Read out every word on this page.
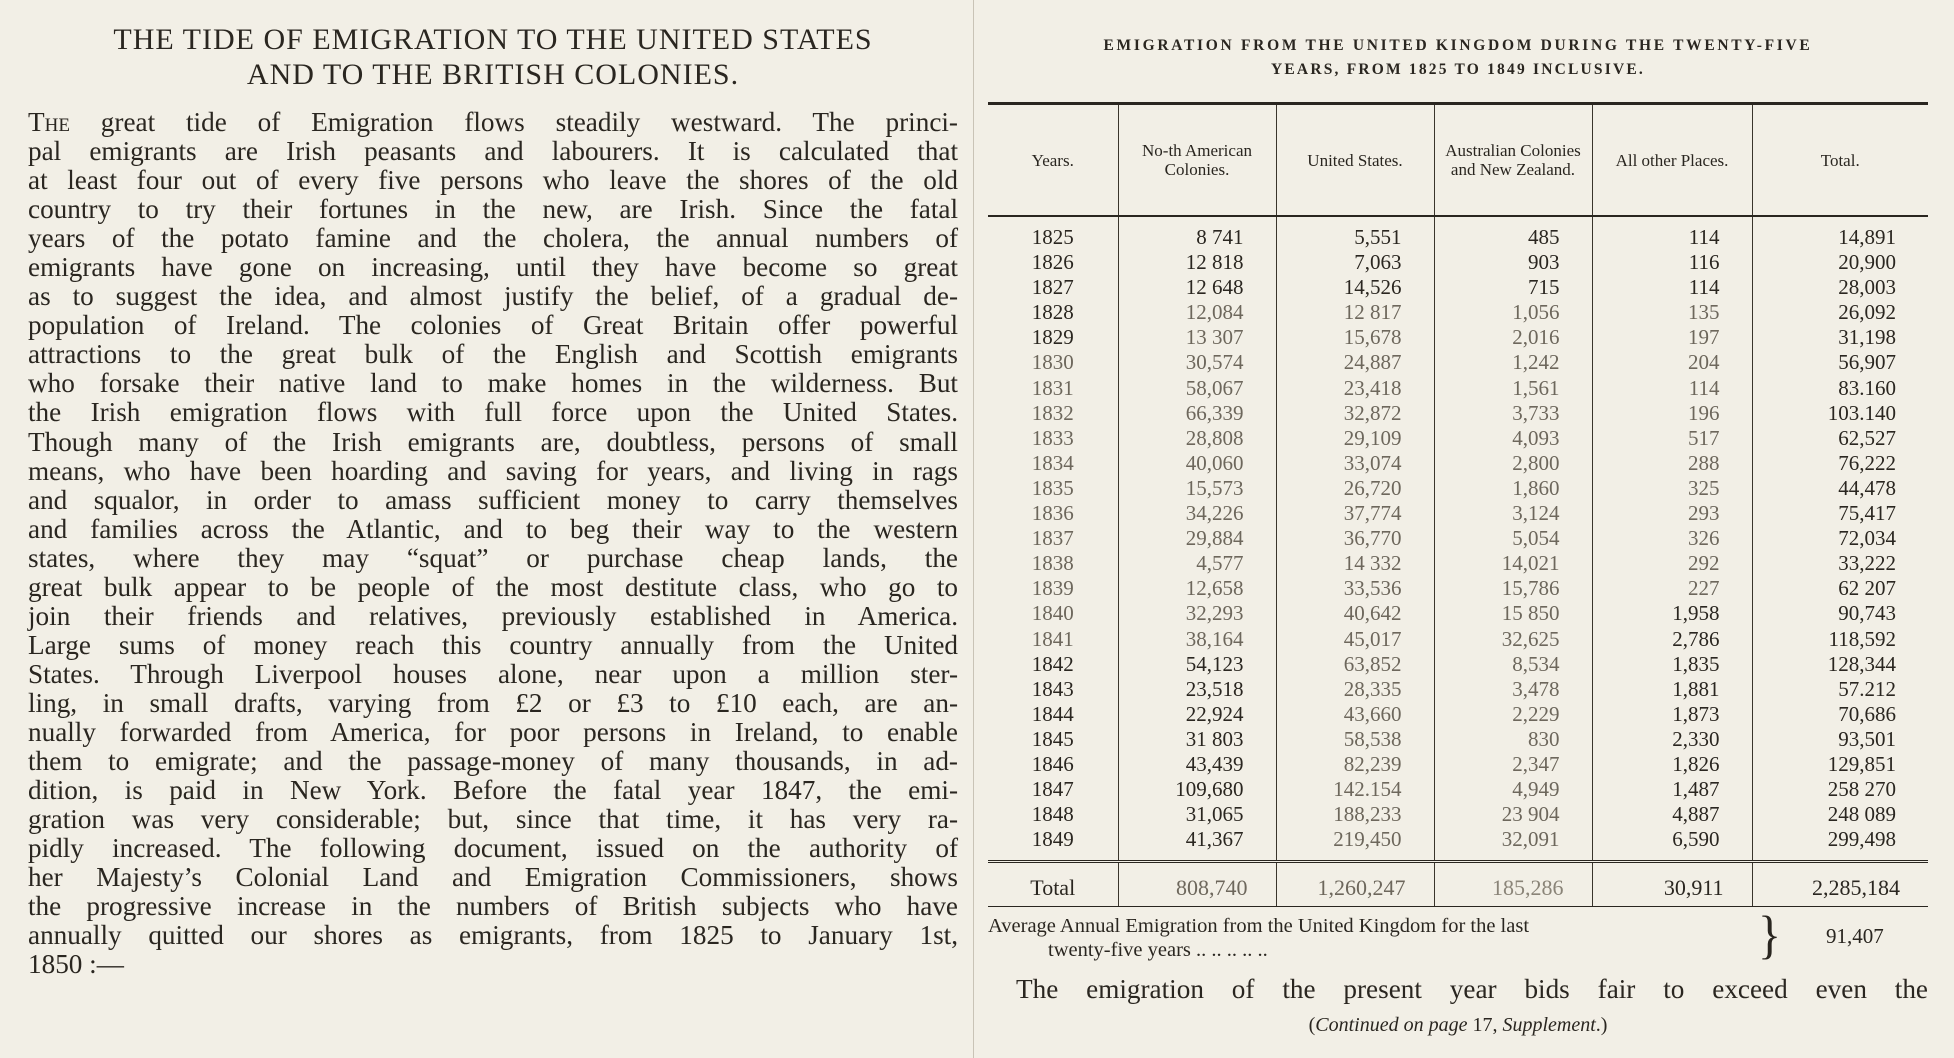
THE TIDE OF EMIGRATION TO THE UNITED STATES
AND TO THE BRITISH COLONIES.

The great tide of Emigration flows steadily westward. The princi-
pal emigrants are Irish peasants and labourers. It is calculated that
at least four out of every five persons who leave the shores of the old
country to try their fortunes in the new, are Irish. Since the fatal
years of the potato famine and the cholera, the annual numbers of
emigrants have gone on increasing, until they have become so great
as to suggest the idea, and almost justify the belief, of a gradual de-
population of Ireland. The colonies of Great Britain offer powerful
attractions to the great bulk of the English and Scottish emigrants
who forsake their native land to make homes in the wilderness. But
the Irish emigration flows with full force upon the United States.
Though many of the Irish emigrants are, doubtless, persons of small
means, who have been hoarding and saving for years, and living in rags
and squalor, in order to amass sufficient money to carry themselves
and families across the Atlantic, and to beg their way to the western
states, where they may “squat” or purchase cheap lands, the
great bulk appear to be people of the most destitute class, who go to
join their friends and relatives, previously established in America.
Large sums of money reach this country annually from the United
States. Through Liverpool houses alone, near upon a million ster-
ling, in small drafts, varying from £2 or £3 to £10 each, are an-
nually forwarded from America, for poor persons in Ireland, to enable
them to emigrate; and the passage-money of many thousands, in ad-
dition, is paid in New York. Before the fatal year 1847, the emi-
gration was very considerable; but, since that time, it has very ra-
pidly increased. The following document, issued on the authority of
her Majesty’s Colonial Land and Emigration Commissioners, shows
the progressive increase in the numbers of British subjects who have
annually quitted our shores as emigrants, from 1825 to January 1st,
1850 :—

EMIGRATION FROM THE UNITED KINGDOM DURING THE TWENTY-FIVE
YEARS, FROM 1825 TO 1849 INCLUSIVE.
Years.	No-th American Colonies.	United States.	Australian Colonies and New Zealand.	All other Places.	Total.
1825	8 741	5,551	485	114	14,891
1826	12 818	7,063	903	116	20,900
1827	12 648	14,526	715	114	28,003
1828	12,084	12 817	1,056	135	26,092
1829	13 307	15,678	2,016	197	31,198
1830	30,574	24,887	1,242	204	56,907
1831	58,067	23,418	1,561	114	83.160
1832	66,339	32,872	3,733	196	103.140
1833	28,808	29,109	4,093	517	62,527
1834	40,060	33,074	2,800	288	76,222
1835	15,573	26,720	1,860	325	44,478
1836	34,226	37,774	3,124	293	75,417
1837	29,884	36,770	5,054	326	72,034
1838	4,577	14 332	14,021	292	33,222
1839	12,658	33,536	15,786	227	62 207
1840	32,293	40,642	15 850	1,958	90,743
1841	38,164	45,017	32,625	2,786	118,592
1842	54,123	63,852	8,534	1,835	128,344
1843	23,518	28,335	3,478	1,881	57.212
1844	22,924	43,660	2,229	1,873	70,686
1845	31 803	58,538	830	2,330	93,501
1846	43,439	82,239	2,347	1,826	129,851
1847	109,680	142.154	4,949	1,487	258 270
1848	31,065	188,233	23 904	4,887	248 089
1849	41,367	219,450	32,091	6,590	299,498
Total	808,740	1,260,247	185,286	30,911	2,285,184
Average Annual Emigration from the United Kingdom for the last
twenty-five years .. .. .. .. ..	} 91,407
The emigration of the present year bids fair to exceed even the
(Continued on page 17, Supplement.)
